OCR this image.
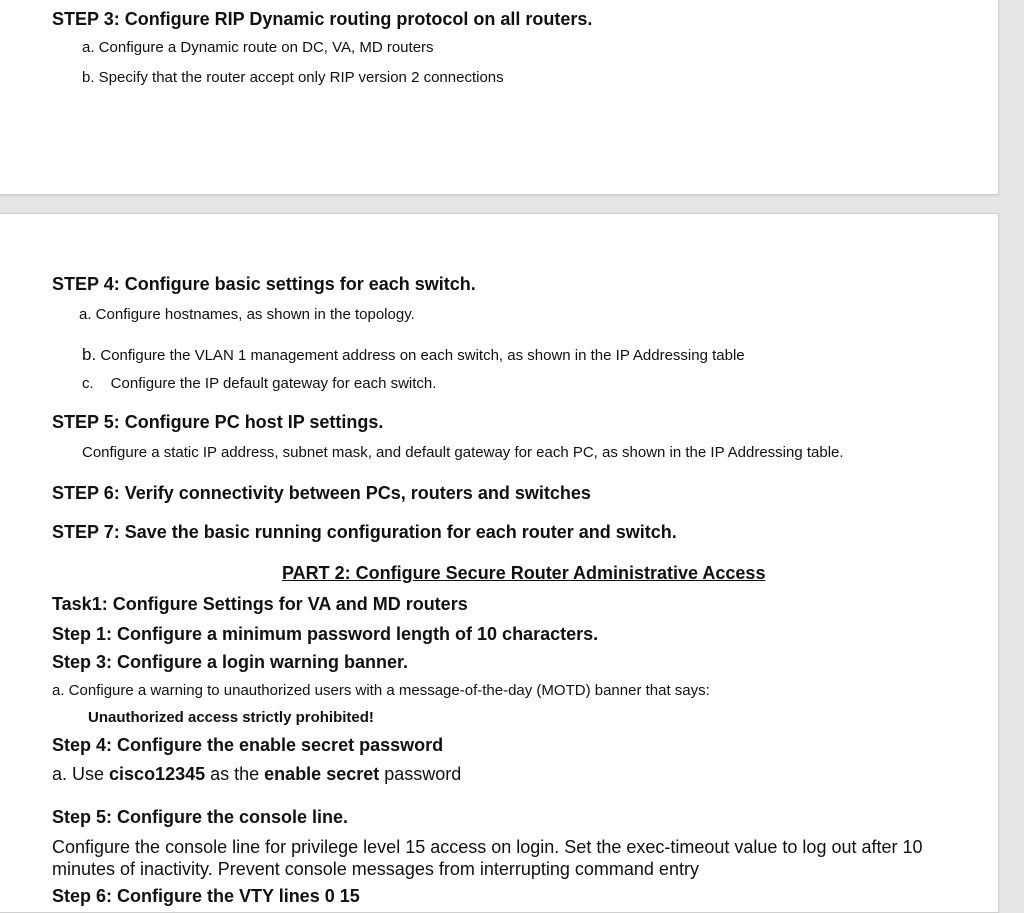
STEP 3: Configure RIP Dynamic routing protocol on all routers.

a. Configure a Dynamic route on DC, VA, MD routers

b. Specify that the router accept only RIP version 2 connections

STEP 4: Configure basic settings for each switch.

a. Configure hostnames, as shown in the topology.

b. Configure the VLAN 1 management address on each switch, as shown in the IP Addressing table

c. Configure the IP default gateway for each switch.

STEP 5: Configure PC host IP settings.

Configure a static IP address, subnet mask, and default gateway for each PC, as shown in the IP Addressing table.

STEP 6: Verify connectivity between PCs, routers and switches

STEP 7: Save the basic running configuration for each router and switch.

PART 2: Configure Secure Router Administrative Access

Task1: Configure Settings for VA and MD routers

Step 1: Configure a minimum password length of 10 characters.

Step 3: Configure a login warning banner.

a. Configure a warning to unauthorized users with a message-of-the-day (MOTD) banner that says:

Unauthorized access strictly prohibited!

Step 4: Configure the enable secret password

a. Use cisco12345 as the enable secret password

Step 5: Configure the console line.

Configure the console line for privilege level 15 access on login. Set the exec-timeout value to log out after 10

minutes of inactivity. Prevent console messages from interrupting command entry

Step 6: Configure the VTY lines 0 15
